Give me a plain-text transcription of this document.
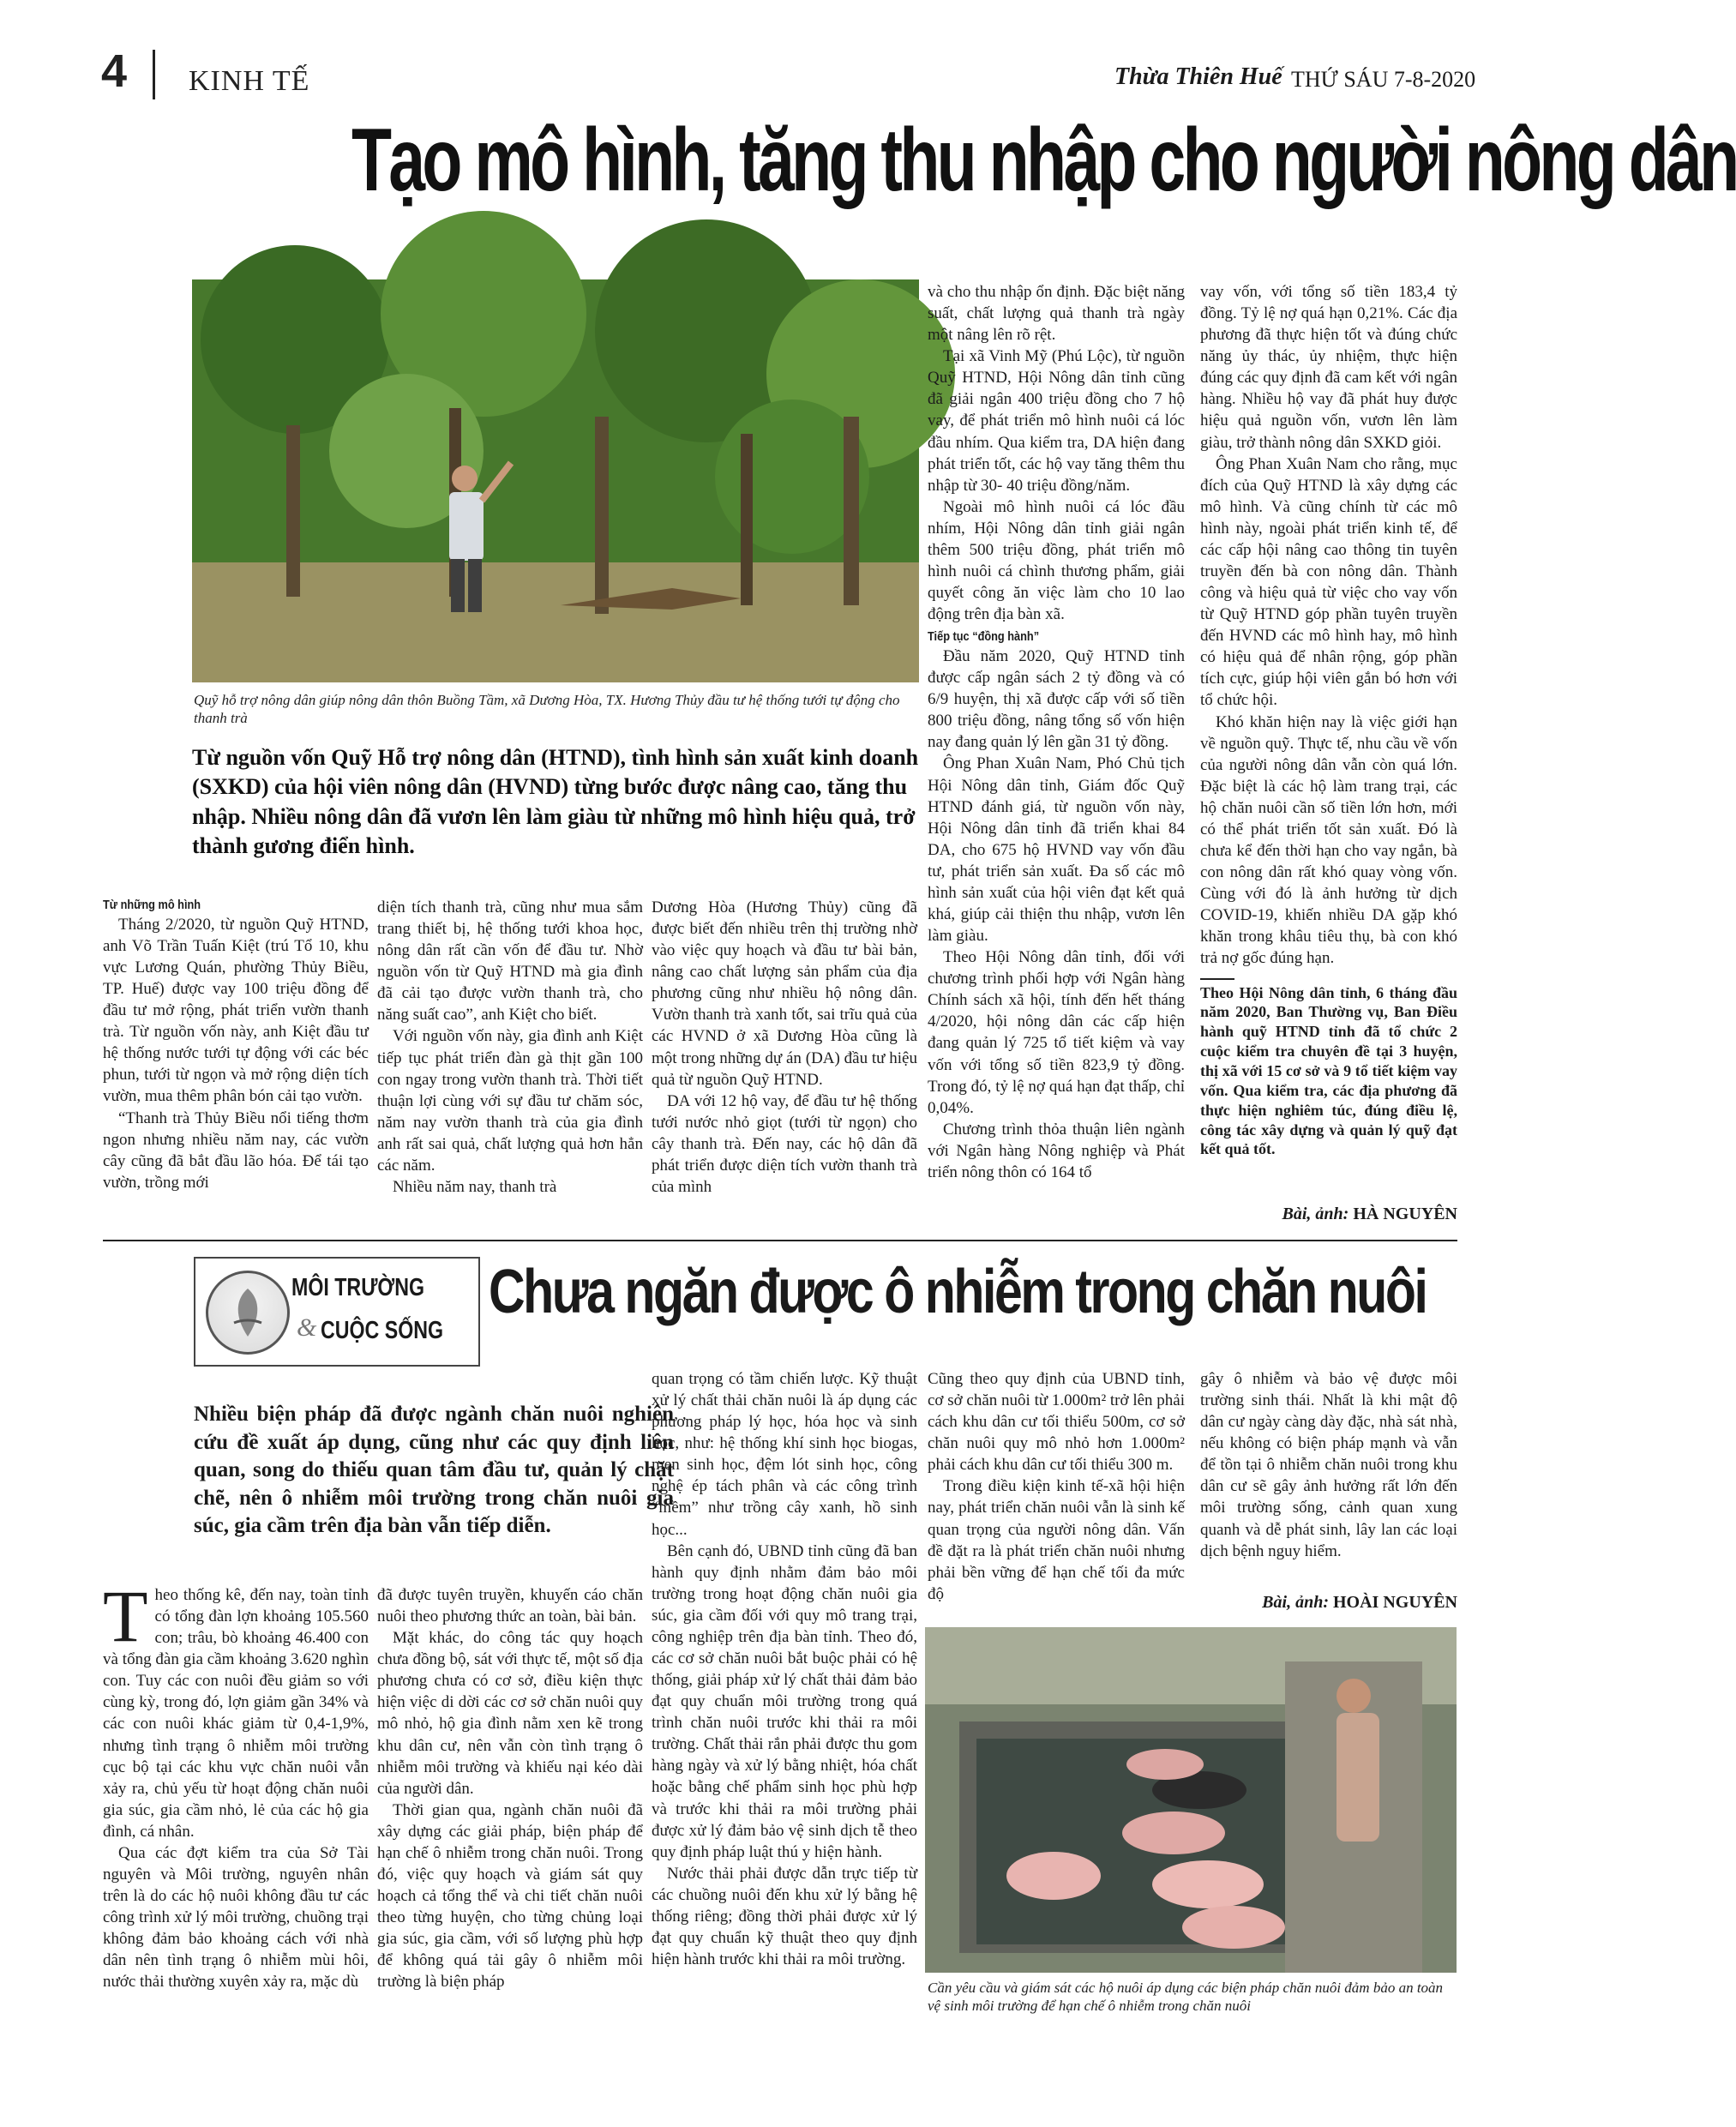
4 KINH TẾ	Thừa Thiên Huế THỨ SÁU 7-8-2020
Tạo mô hình, tăng thu nhập cho người nông dân
Quỹ hỗ trợ nông dân giúp nông dân thôn Buồng Tầm, xã Dương Hòa, TX. Hương Thủy đầu tư hệ thống tưới tự động cho thanh trà
Từ nguồn vốn Quỹ Hỗ trợ nông dân (HTND), tình hình sản xuất kinh doanh (SXKD) của hội viên nông dân (HVND) từng bước được nâng cao, tăng thu nhập. Nhiều nông dân đã vươn lên làm giàu từ những mô hình hiệu quả, trở thành gương điển hình.

Từ những mô hình

Tháng 2/2020, từ nguồn Quỹ HTND, anh Võ Trần Tuấn Kiệt (trú Tổ 10, khu vực Lương Quán, phường Thủy Biều, TP. Huế) được vay 100 triệu đồng để đầu tư mở rộng, phát triển vườn thanh trà. Từ nguồn vốn này, anh Kiệt đầu tư hệ thống nước tưới tự động với các béc phun, tưới từ ngọn và mở rộng diện tích vườn, mua thêm phân bón cải tạo vườn.

“Thanh trà Thủy Biều nổi tiếng thơm ngon nhưng nhiều năm nay, các vườn cây cũng đã bắt đầu lão hóa. Để tái tạo vườn, trồng mới

diện tích thanh trà, cũng như mua sắm trang thiết bị, hệ thống tưới khoa học, nông dân rất cần vốn để đầu tư. Nhờ nguồn vốn từ Quỹ HTND mà gia đình đã cải tạo được vườn thanh trà, cho năng suất cao”, anh Kiệt cho biết.

Với nguồn vốn này, gia đình anh Kiệt tiếp tục phát triển đàn gà thịt gần 100 con ngay trong vườn thanh trà. Thời tiết thuận lợi cùng với sự đầu tư chăm sóc, năm nay vườn thanh trà của gia đình anh rất sai quả, chất lượng quả hơn hẳn các năm.

Nhiều năm nay, thanh trà

Dương Hòa (Hương Thủy) cũng đã được biết đến nhiều trên thị trường nhờ vào việc quy hoạch và đầu tư bài bản, nâng cao chất lượng sản phẩm của địa phương cũng như nhiều hộ nông dân. Vườn thanh trà xanh tốt, sai trĩu quả của các HVND ở xã Dương Hòa cũng là một trong những dự án (DA) đầu tư hiệu quả từ nguồn Quỹ HTND.

DA với 12 hộ vay, để đầu tư hệ thống tưới nước nhỏ giọt (tưới từ ngọn) cho cây thanh trà. Đến nay, các hộ dân đã phát triển được diện tích vườn thanh trà của mình

và cho thu nhập ổn định. Đặc biệt năng suất, chất lượng quả thanh trà ngày một nâng lên rõ rệt.

Tại xã Vinh Mỹ (Phú Lộc), từ nguồn Quỹ HTND, Hội Nông dân tỉnh cũng đã giải ngân 400 triệu đồng cho 7 hộ vay, để phát triển mô hình nuôi cá lóc đầu nhím. Qua kiểm tra, DA hiện đang phát triển tốt, các hộ vay tăng thêm thu nhập từ 30- 40 triệu đồng/năm.

Ngoài mô hình nuôi cá lóc đầu nhím, Hội Nông dân tỉnh giải ngân thêm 500 triệu đồng, phát triển mô hình nuôi cá chình thương phẩm, giải quyết công ăn việc làm cho 10 lao động trên địa bàn xã.

Tiếp tục “đồng hành”

Đầu năm 2020, Quỹ HTND tỉnh được cấp ngân sách 2 tỷ đồng và có 6/9 huyện, thị xã được cấp với số tiền 800 triệu đồng, nâng tổng số vốn hiện nay đang quản lý lên gần 31 tỷ đồng.

Ông Phan Xuân Nam, Phó Chủ tịch Hội Nông dân tỉnh, Giám đốc Quỹ HTND đánh giá, từ nguồn vốn này, Hội Nông dân tỉnh đã triển khai 84 DA, cho 675 hộ HVND vay vốn đầu tư, phát triển sản xuất. Đa số các mô hình sản xuất của hội viên đạt kết quả khá, giúp cải thiện thu nhập, vươn lên làm giàu.

Theo Hội Nông dân tỉnh, đối với chương trình phối hợp với Ngân hàng Chính sách xã hội, tính đến hết tháng 4/2020, hội nông dân các cấp hiện đang quản lý 725 tổ tiết kiệm và vay vốn với tổng số tiền 823,9 tỷ đồng. Trong đó, tỷ lệ nợ quá hạn đạt thấp, chỉ 0,04%.

Chương trình thỏa thuận liên ngành với Ngân hàng Nông nghiệp và Phát triển nông thôn có 164 tổ

vay vốn, với tổng số tiền 183,4 tỷ đồng. Tỷ lệ nợ quá hạn 0,21%. Các địa phương đã thực hiện tốt và đúng chức năng ủy thác, ủy nhiệm, thực hiện đúng các quy định đã cam kết với ngân hàng. Nhiều hộ vay đã phát huy được hiệu quả nguồn vốn, vươn lên làm giàu, trở thành nông dân SXKD giỏi.

Ông Phan Xuân Nam cho rằng, mục đích của Quỹ HTND là xây dựng các mô hình. Và cũng chính từ các mô hình này, ngoài phát triển kinh tế, để các cấp hội nâng cao thông tin tuyên truyền đến bà con nông dân. Thành công và hiệu quả từ việc cho vay vốn từ Quỹ HTND góp phần tuyên truyền đến HVND các mô hình hay, mô hình có hiệu quả để nhân rộng, góp phần tích cực, giúp hội viên gắn bó hơn với tổ chức hội.

Khó khăn hiện nay là việc giới hạn về nguồn quỹ. Thực tế, nhu cầu về vốn của người nông dân vẫn còn quá lớn. Đặc biệt là các hộ làm trang trại, các hộ chăn nuôi cần số tiền lớn hơn, mới có thể phát triển tốt sản xuất. Đó là chưa kể đến thời hạn cho vay ngắn, bà con nông dân rất khó quay vòng vốn. Cùng với đó là ảnh hưởng từ dịch COVID-19, khiến nhiều DA gặp khó khăn trong khâu tiêu thụ, bà con khó trả nợ gốc đúng hạn.

Theo Hội Nông dân tỉnh, 6 tháng đầu năm 2020, Ban Thường vụ, Ban Điều hành quỹ HTND tỉnh đã tổ chức 2 cuộc kiểm tra chuyên đề tại 3 huyện, thị xã với 15 cơ sở và 9 tổ tiết kiệm vay vốn. Qua kiểm tra, các địa phương đã thực hiện nghiêm túc, đúng điều lệ, công tác xây dựng và quản lý quỹ đạt kết quả tốt.
Bài, ảnh: HÀ NGUYÊN
MÔI TRƯỜNG
& CUỘC SỐNG
Chưa ngăn được ô nhiễm trong chăn nuôi
Nhiều biện pháp đã được ngành chăn nuôi nghiên cứu đề xuất áp dụng, cũng như các quy định liên quan, song do thiếu quan tâm đầu tư, quản lý chặt chẽ, nên ô nhiễm môi trường trong chăn nuôi gia súc, gia cầm trên địa bàn vẫn tiếp diễn.

Theo thống kê, đến nay, toàn tỉnh có tổng đàn lợn khoảng 105.560 con; trâu, bò khoảng 46.400 con và tổng đàn gia cầm khoảng 3.620 nghìn con. Tuy các con nuôi đều giảm so với cùng kỳ, trong đó, lợn giảm gần 34% và các con nuôi khác giảm từ 0,4-1,9%, nhưng tình trạng ô nhiễm môi trường cục bộ tại các khu vực chăn nuôi vẫn xảy ra, chủ yếu từ hoạt động chăn nuôi gia súc, gia cầm nhỏ, lẻ của các hộ gia đình, cá nhân.

Qua các đợt kiểm tra của Sở Tài nguyên và Môi trường, nguyên nhân trên là do các hộ nuôi không đầu tư các công trình xử lý môi trường, chuồng trại không đảm bảo khoảng cách với nhà dân nên tình trạng ô nhiễm mùi hôi, nước thải thường xuyên xảy ra, mặc dù

đã được tuyên truyền, khuyến cáo chăn nuôi theo phương thức an toàn, bài bản.

Mặt khác, do công tác quy hoạch chưa đồng bộ, sát với thực tế, một số địa phương chưa có cơ sở, điều kiện thực hiện việc di dời các cơ sở chăn nuôi quy mô nhỏ, hộ gia đình nằm xen kẽ trong khu dân cư, nên vẫn còn tình trạng ô nhiễm môi trường và khiếu nại kéo dài của người dân.

Thời gian qua, ngành chăn nuôi đã xây dựng các giải pháp, biện pháp để hạn chế ô nhiễm trong chăn nuôi. Trong đó, việc quy hoạch và giám sát quy hoạch cả tổng thể và chi tiết chăn nuôi theo từng huyện, cho từng chủng loại gia súc, gia cầm, với số lượng phù hợp để không quá tải gây ô nhiễm môi trường là biện pháp

quan trọng có tầm chiến lược. Kỹ thuật xử lý chất thải chăn nuôi là áp dụng các phương pháp lý học, hóa học và sinh học, như: hệ thống khí sinh học biogas, men sinh học, đệm lót sinh học, công nghệ ép tách phân và các công trình “mềm” như trồng cây xanh, hồ sinh học...

Bên cạnh đó, UBND tỉnh cũng đã ban hành quy định nhằm đảm bảo môi trường trong hoạt động chăn nuôi gia súc, gia cầm đối với quy mô trang trại, công nghiệp trên địa bàn tỉnh. Theo đó, các cơ sở chăn nuôi bắt buộc phải có hệ thống, giải pháp xử lý chất thải đảm bảo đạt quy chuẩn môi trường trong quá trình chăn nuôi trước khi thải ra môi trường. Chất thải rắn phải được thu gom hàng ngày và xử lý bằng nhiệt, hóa chất hoặc bằng chế phẩm sinh học phù hợp và trước khi thải ra môi trường phải được xử lý đảm bảo vệ sinh dịch tễ theo quy định pháp luật thú y hiện hành.

Nước thải phải được dẫn trực tiếp từ các chuồng nuôi đến khu xử lý bằng hệ thống riêng; đồng thời phải được xử lý đạt quy chuẩn kỹ thuật theo quy định hiện hành trước khi thải ra môi trường.

Cũng theo quy định của UBND tỉnh, cơ sở chăn nuôi từ 1.000m² trở lên phải cách khu dân cư tối thiểu 500m, cơ sở chăn nuôi quy mô nhỏ hơn 1.000m² phải cách khu dân cư tối thiểu 300 m.

Trong điều kiện kinh tế-xã hội hiện nay, phát triển chăn nuôi vẫn là sinh kế quan trọng của người nông dân. Vấn đề đặt ra là phát triển chăn nuôi nhưng phải bền vững để hạn chế tối đa mức độ

gây ô nhiễm và bảo vệ được môi trường sinh thái. Nhất là khi mật độ dân cư ngày càng dày đặc, nhà sát nhà, nếu không có biện pháp mạnh và vẫn để tồn tại ô nhiễm chăn nuôi trong khu dân cư sẽ gây ảnh hưởng rất lớn đến môi trường sống, cảnh quan xung quanh và dễ phát sinh, lây lan các loại dịch bệnh nguy hiểm.

Bài, ảnh: HOÀI NGUYÊN
Cần yêu cầu và giám sát các hộ nuôi áp dụng các biện pháp chăn nuôi đảm bảo an toàn vệ sinh môi trường để hạn chế ô nhiễm trong chăn nuôi
